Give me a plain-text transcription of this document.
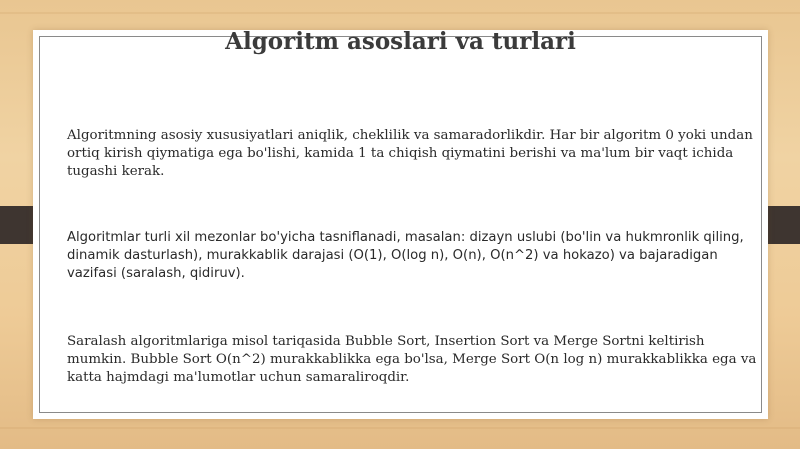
Algoritm asoslari va turlari
Algoritmning asosiy xususiyatlari aniqlik, cheklilik va samaradorlikdir. Har bir algoritm 0 yoki undan ortiq kirish qiymatiga ega bo'lishi, kamida 1 ta chiqish qiymatini berishi va ma'lum bir vaqt ichida tugashi kerak.
Algoritmlar turli xil mezonlar bo'yicha tasniflanadi, masalan: dizayn uslubi (bo'lin va hukmronlik qiling, dinamik dasturlash), murakkablik darajasi (O(1), O(log n), O(n), O(n^2) va hokazo) va bajaradigan vazifasi (saralash, qidiruv).
Saralash algoritmlariga misol tariqasida Bubble Sort, Insertion Sort va Merge Sortni keltirish mumkin. Bubble Sort O(n^2) murakkablikka ega bo'lsa, Merge Sort O(n log n) murakkablikka ega va katta hajmdagi ma'lumotlar uchun samaraliroqdir.
